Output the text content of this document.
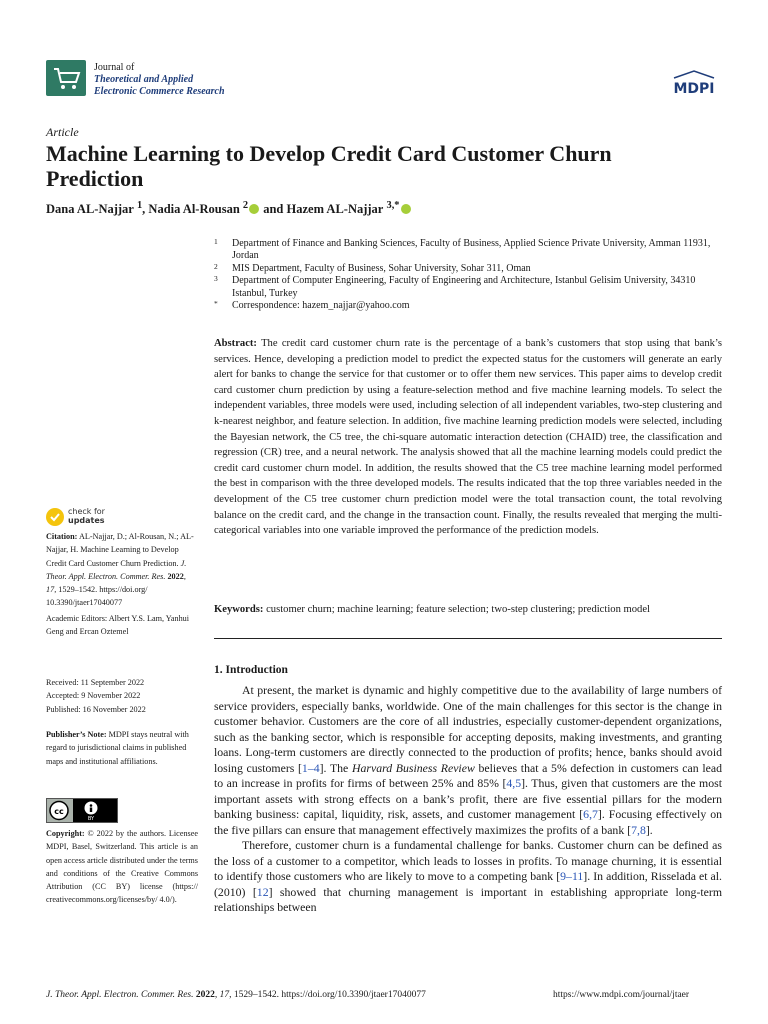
Journal of
Theoretical and Applied
Electronic Commerce Research	MDPI
Article
Machine Learning to Develop Credit Card Customer Churn Prediction
Dana AL-Najjar $^1$, Nadia Al-Rousan $^2$ and Hazem AL-Najjar $^{3,*}$
1	Department of Finance and Banking Sciences, Faculty of Business, Applied Science Private University, Amman 11931, Jordan
2	MIS Department, Faculty of Business, Sohar University, Sohar 311, Oman
3	Department of Computer Engineering, Faculty of Engineering and Architecture, Istanbul Gelisim University, 34310 Istanbul, Turkey
*	Correspondence: hazem_najjar@yahoo.com
Abstract: The credit card customer churn rate is the percentage of a bank’s customers that stop using that bank’s services. Hence, developing a prediction model to predict the expected status for the customers will generate an early alert for banks to change the service for that customer or to offer them new services. This paper aims to develop credit card customer churn prediction by using a feature-selection method and five machine learning models. To select the independent variables, three models were used, including selection of all independent variables, two-step clustering and k-nearest neighbor, and feature selection. In addition, five machine learning prediction models were selected, including the Bayesian network, the C5 tree, the chi-square automatic interaction detection (CHAID) tree, the classification and regression (CR) tree, and a neural network. The analysis showed that all the machine learning models could predict the credit card customer churn model. In addition, the results showed that the C5 tree machine learning model performed the best in comparison with the three developed models. The results indicated that the top three variables needed in the development of the C5 tree customer churn prediction model were the total transaction count, the total revolving balance on the credit card, and the change in the transaction count. Finally, the results revealed that merging the multi-categorical variables into one variable improved the performance of the prediction models.
Keywords: customer churn; machine learning; feature selection; two-step clustering; prediction model
1. Introduction

At present, the market is dynamic and highly competitive due to the availability of large numbers of service providers, especially banks, worldwide. One of the main challenges for this sector is the change in customer behavior. Customers are the core of all industries, especially customer-dependent organizations, such as the banking sector, which is responsible for accepting deposits, making investments, and granting loans. Long-term customers are directly connected to the production of profits; hence, banks should avoid losing customers [1–4]. The Harvard Business Review believes that a 5% defection in customers can lead to an increase in profits for firms of between 25% and 85% [4,5]. Thus, given that customers are the most important assets with strong effects on a bank’s profit, there are five essential pillars for the modern banking business: capital, liquidity, risk, assets, and customer management [6,7]. Focusing effectively on the five pillars can ensure that management effectively maximizes the profits of a bank [7,8].

Therefore, customer churn is a fundamental challenge for banks. Customer churn can be defined as the loss of a customer to a competitor, which leads to losses in profits. To manage churning, it is essential to identify those customers who are likely to move to a competing bank [9–11]. In addition, Risselada et al. (2010) [12] showed that churning management is important in establishing appropriate long-term relationships between

check for
updates
Citation: AL-Najjar, D.; Al-Rousan, N.; AL-Najjar, H. Machine Learning to Develop Credit Card Customer Churn Prediction. J. Theor. Appl. Electron. Commer. Res. 2022, 17, 1529–1542. https://doi.org/ 10.3390/jtaer17040077
Academic Editors: Albert Y.S. Lam, Yanhui Geng and Ercan Oztemel
Received: 11 September 2022
Accepted: 9 November 2022
Published: 16 November 2022
Publisher’s Note: MDPI stays neutral with regard to jurisdictional claims in published maps and institutional affiliations.
cc
BY
Copyright: © 2022 by the authors. Licensee MDPI, Basel, Switzerland. This article is an open access article distributed under the terms and conditions of the Creative Commons Attribution (CC BY) license (https:// creativecommons.org/licenses/by/ 4.0/).
J. Theor. Appl. Electron. Commer. Res. 2022, 17, 1529–1542. https://doi.org/10.3390/jtaer17040077	https://www.mdpi.com/journal/jtaer
